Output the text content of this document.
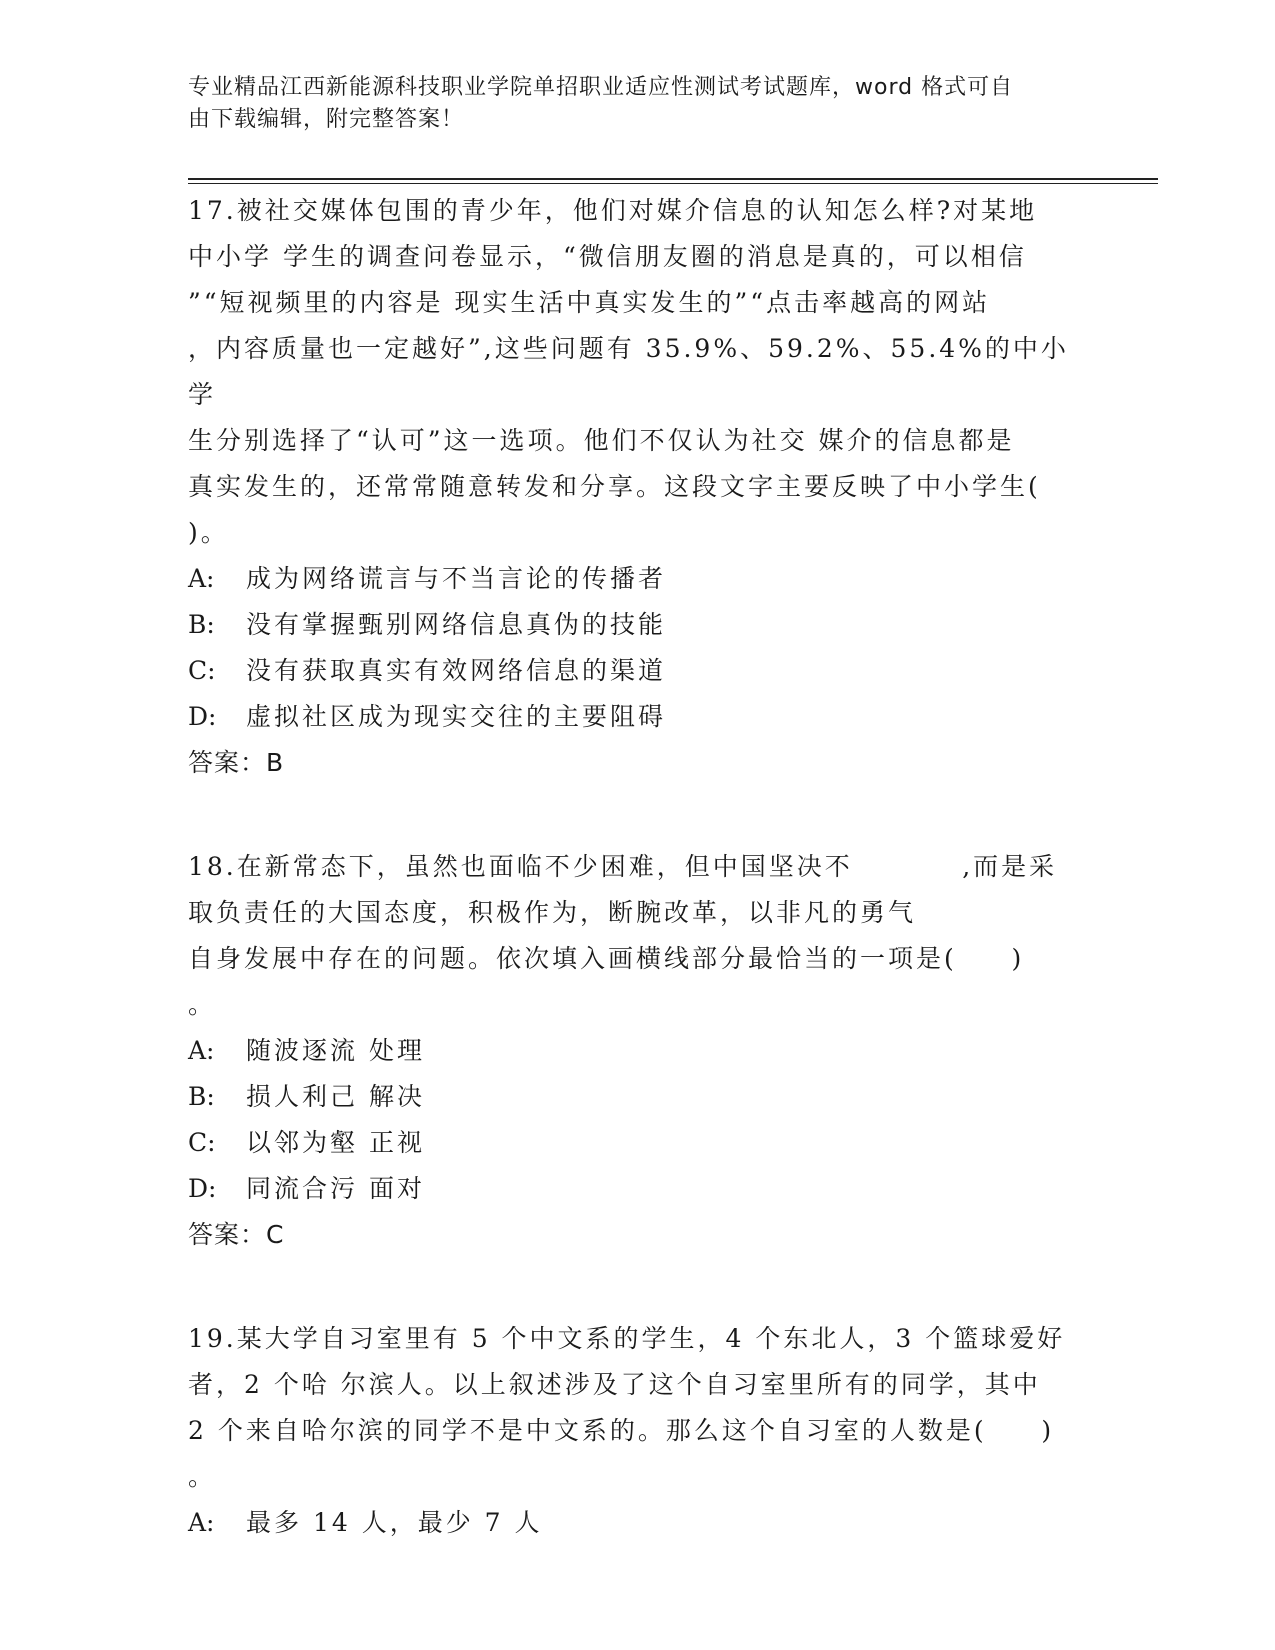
专业精品江西新能源科技职业学院单招职业适应性测试考试题库，word 格式可自
由下载编辑，附完整答案！
17.被社交媒体包围的青少年，他们对媒介信息的认知怎么样?对某地
中小学 学生的调查问卷显示，“微信朋友圈的消息是真的，可以相信
”“短视频里的内容是 现实生活中真实发生的”“点击率越高的网站
，内容质量也一定越好”,这些问题有 35.9%、59.2%、55.4%的中小学
生分别选择了“认可”这一选项。他们不仅认为社交 媒介的信息都是
真实发生的，还常常随意转发和分享。这段文字主要反映了中小学生(
)。
A:	成为网络谎言与不当言论的传播者
B:	没有掌握甄别网络信息真伪的技能
C:	没有获取真实有效网络信息的渠道
D:	虚拟社区成为现实交往的主要阻碍
答案：B
18.在新常态下，虽然也面临不少困难，但中国坚决不          ,而是采
取负责任的大国态度，积极作为，断腕改革，以非凡的勇气
自身发展中存在的问题。依次填入画横线部分最恰当的一项是(     )
。
A:	随波逐流 处理
B:	损人利己 解决
C:	以邻为壑 正视
D:	同流合污 面对
答案：C
19.某大学自习室里有 5 个中文系的学生，4 个东北人，3 个篮球爱好
者，2 个哈 尔滨人。以上叙述涉及了这个自习室里所有的同学，其中
2 个来自哈尔滨的同学不是中文系的。那么这个自习室的人数是(     )
。
A:	最多 14 人，最少 7 人
